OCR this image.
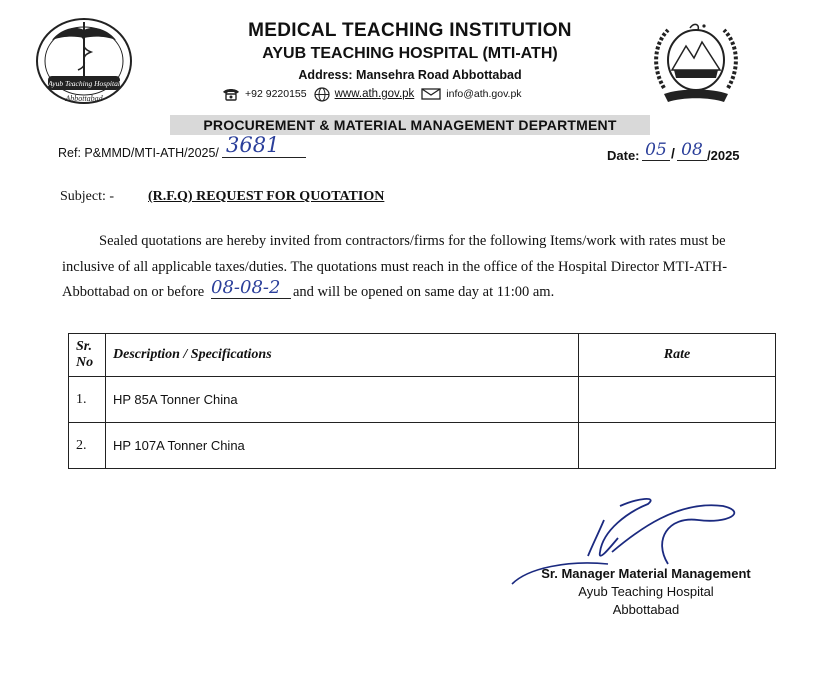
Ayub Teaching Hospital
Abbottabad
MEDICAL TEACHING INSTITUTION
AYUB TEACHING HOSPITAL (MTI-ATH)
Address: Mansehra Road Abbottabad
+92 9220155 www.ath.gov.pk	info@ath.gov.pk
PROCUREMENT & MATERIAL MANAGEMENT DEPARTMENT
Ref: P&MMD/MTI-ATH/2025/ 3681	Date: 05 / 08 /2025
Subject: - (R.F.Q) REQUEST FOR QUOTATION
Sealed quotations are hereby invited from contractors/firms for the following Items/work with rates must be
inclusive of all applicable taxes/duties. The quotations must reach in the office of the Hospital Director MTI-ATH-
Abbottabad on or before 08-08-2 and will be opened on same day at 11:00 am.
Sr. No	Description / Specifications	Rate
1.	HP 85A Tonner China	
2.	HP 107A Tonner China	
Sr. Manager Material Management
Ayub Teaching Hospital
Abbottabad
